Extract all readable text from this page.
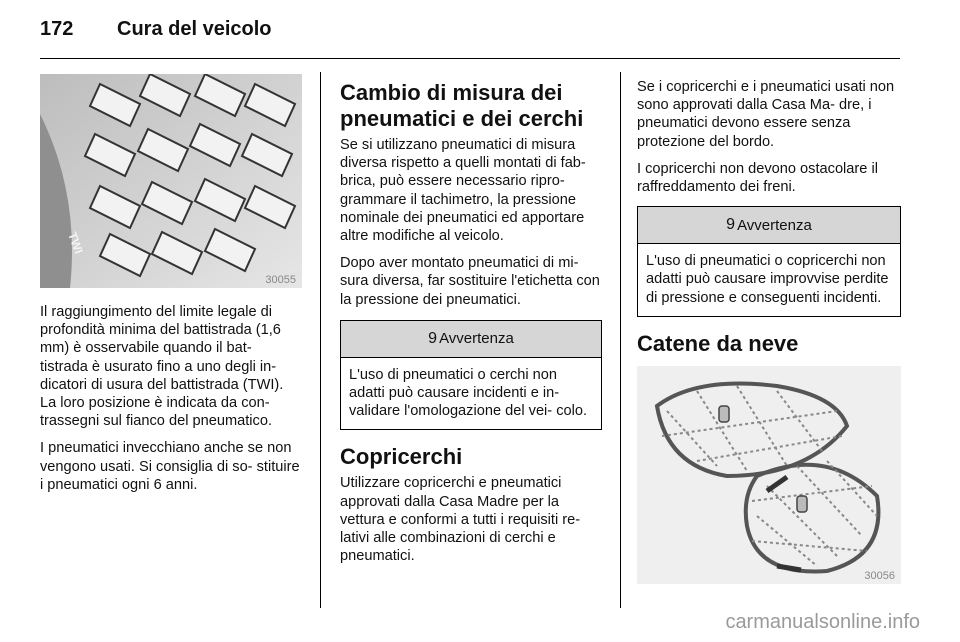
172	Cura del veicolo
TWI
30055

Il raggiungimento del limite legale di profondità minima del battistrada (1,6 mm) è osservabile quando il bat- tistrada è usurato fino a uno degli in- dicatori di usura del battistrada (TWI). La loro posizione è indicata da con- trassegni sul fianco del pneumatico.

I pneumatici invecchiano anche se non vengono usati. Si consiglia di so- stituire i pneumatici ogni 6 anni.

Cambio di misura dei pneumatici e dei cerchi

Se si utilizzano pneumatici di misura diversa rispetto a quelli montati di fab- brica, può essere necessario ripro- grammare il tachimetro, la pressione nominale dei pneumatici ed apportare altre modifiche al veicolo.

Dopo aver montato pneumatici di mi- sura diversa, far sostituire l'etichetta con la pressione dei pneumatici.

9 Avvertenza

L'uso di pneumatici o cerchi non adatti può causare incidenti e in- validare l'omologazione del vei- colo.

Copricerchi

Utilizzare copricerchi e pneumatici approvati dalla Casa Madre per la vettura e conformi a tutti i requisiti re- lativi alle combinazioni di cerchi e pneumatici.

Se i copricerchi e i pneumatici usati non sono approvati dalla Casa Ma- dre, i pneumatici devono essere senza protezione del bordo.

I copricerchi non devono ostacolare il raffreddamento dei freni.

9 Avvertenza

L'uso di pneumatici o copricerchi non adatti può causare improvvise perdite di pressione e conseguenti incidenti.

Catene da neve
30056
carmanualsonline.info
